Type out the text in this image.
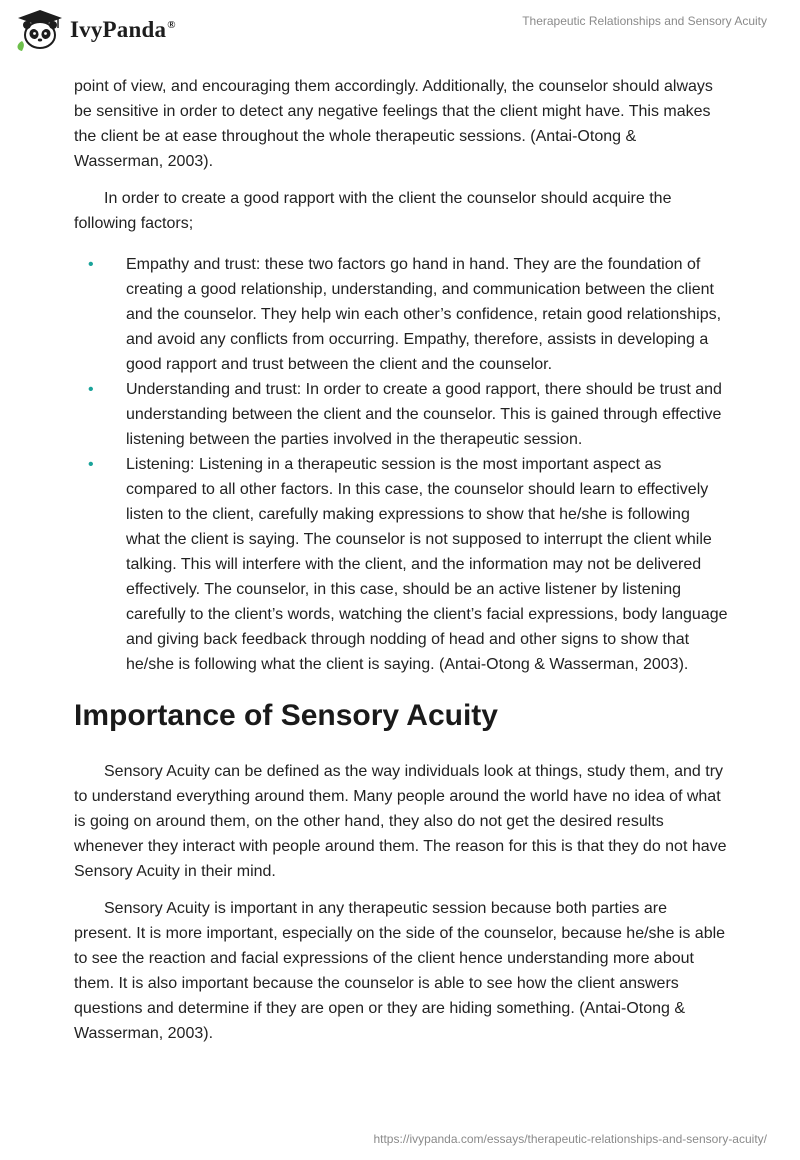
IvyPanda®	Therapeutic Relationships and Sensory Acuity

point of view, and encouraging them accordingly. Additionally, the counselor should always be sensitive in order to detect any negative feelings that the client might have. This makes the client be at ease throughout the whole therapeutic sessions. (Antai-Otong & Wasserman, 2003).

In order to create a good rapport with the client the counselor should acquire the following factors;

• Empathy and trust: these two factors go hand in hand. They are the foundation of creating a good relationship, understanding, and communication between the client and the counselor. They help win each other’s confidence, retain good relationships, and avoid any conflicts from occurring. Empathy, therefore, assists in developing a good rapport and trust between the client and the counselor.
• Understanding and trust: In order to create a good rapport, there should be trust and understanding between the client and the counselor. This is gained through effective listening between the parties involved in the therapeutic session.
• Listening: Listening in a therapeutic session is the most important aspect as compared to all other factors. In this case, the counselor should learn to effectively listen to the client, carefully making expressions to show that he/she is following what the client is saying. The counselor is not supposed to interrupt the client while talking. This will interfere with the client, and the information may not be delivered effectively. The counselor, in this case, should be an active listener by listening carefully to the client’s words, watching the client’s facial expressions, body language and giving back feedback through nodding of head and other signs to show that he/she is following what the client is saying. (Antai-Otong & Wasserman, 2003).
Importance of Sensory Acuity

Sensory Acuity can be defined as the way individuals look at things, study them, and try to understand everything around them. Many people around the world have no idea of what is going on around them, on the other hand, they also do not get the desired results whenever they interact with people around them. The reason for this is that they do not have Sensory Acuity in their mind.

Sensory Acuity is important in any therapeutic session because both parties are present. It is more important, especially on the side of the counselor, because he/she is able to see the reaction and facial expressions of the client hence understanding more about them. It is also important because the counselor is able to see how the client answers questions and determine if they are open or they are hiding something. (Antai-Otong & Wasserman, 2003).

https://ivypanda.com/essays/therapeutic-relationships-and-sensory-acuity/
